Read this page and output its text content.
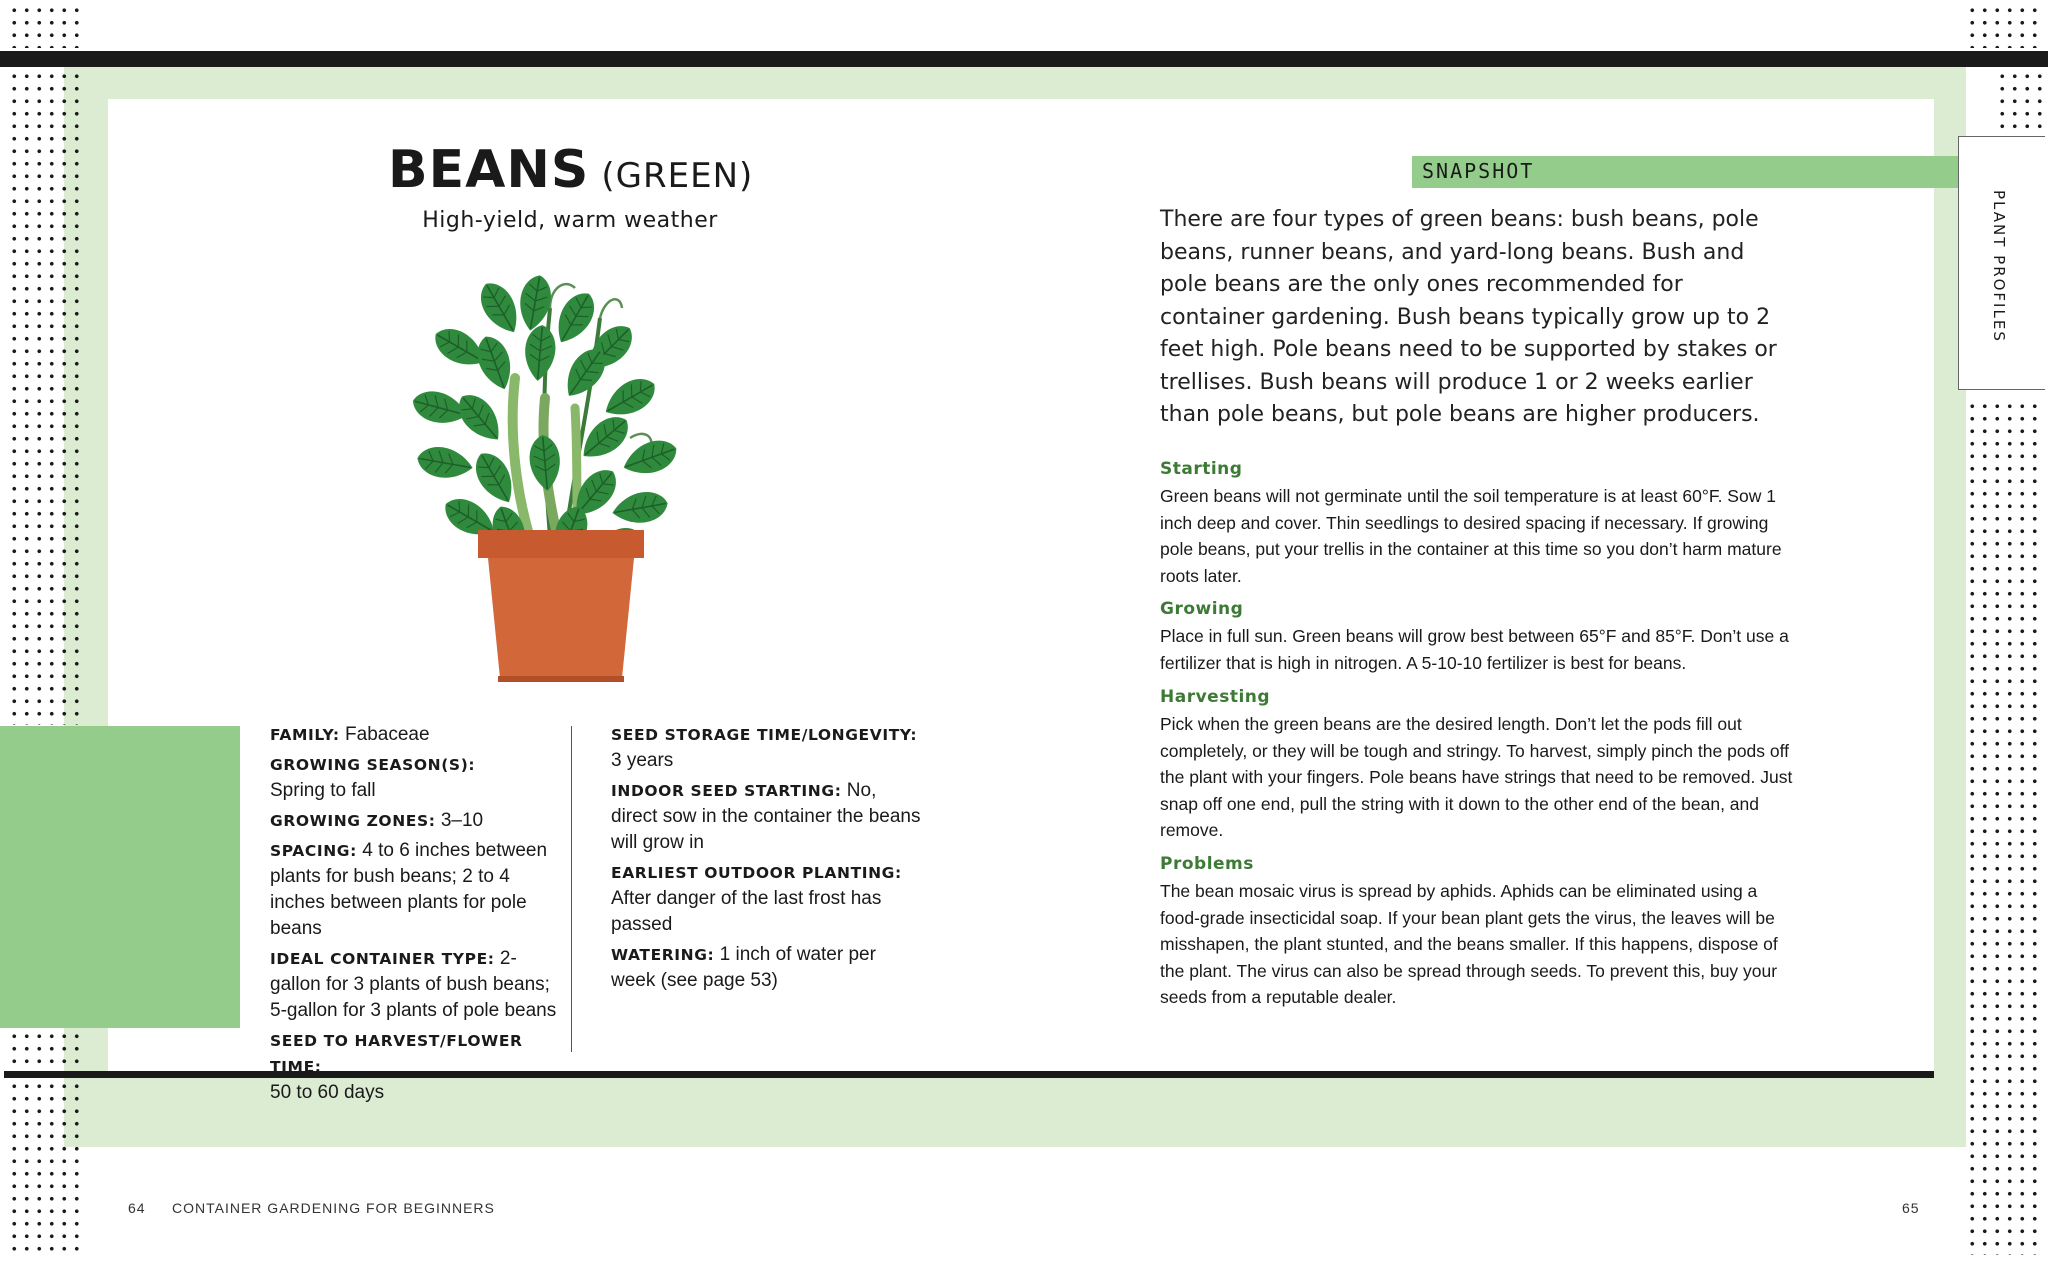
BEANS (GREEN)
High-yield, warm weather
FAMILY: Fabaceae
GROWING SEASON(S):
Spring to fall
GROWING ZONES: 3–10
SPACING: 4 to 6 inches between plants for bush beans; 2 to 4 inches between plants for pole beans
IDEAL CONTAINER TYPE: 2-gallon for 3 plants of bush beans; 5-gallon for 3 plants of pole beans
SEED TO HARVEST/FLOWER TIME:
50 to 60 days
SEED STORAGE TIME/LONGEVITY:
3 years
INDOOR SEED STARTING: No, direct sow in the container the beans will grow in
EARLIEST OUTDOOR PLANTING:
After danger of the last frost has passed
WATERING: 1 inch of water per week (see page 53)
SNAPSHOT
PLANT PROFILES
There are four types of green beans: bush beans, pole beans, runner beans, and yard-long beans. Bush and pole beans are the only ones recommended for container gardening. Bush beans typically grow up to 2 feet high. Pole beans need to be supported by stakes or trellises. Bush beans will produce 1 or 2 weeks earlier than pole beans, but pole beans are higher producers.
Starting
Green beans will not germinate until the soil temperature is at least 60°F. Sow 1 inch deep and cover. Thin seedlings to desired spacing if necessary. If growing pole beans, put your trellis in the container at this time so you don’t harm mature roots later.
Growing
Place in full sun. Green beans will grow best between 65°F and 85°F. Don’t use a fertilizer that is high in nitrogen. A 5-10-10 fertilizer is best for beans.
Harvesting
Pick when the green beans are the desired length. Don’t let the pods fill out completely, or they will be tough and stringy. To harvest, simply pinch the pods off the plant with your fingers. Pole beans have strings that need to be removed. Just snap off one end, pull the string with it down to the other end of the bean, and remove.
Problems
The bean mosaic virus is spread by aphids. Aphids can be eliminated using a food-grade insecticidal soap. If your bean plant gets the virus, the leaves will be misshapen, the plant stunted, and the beans smaller. If this happens, dispose of the plant. The virus can also be spread through seeds. To prevent this, buy your seeds from a reputable dealer.
64 CONTAINER GARDENING FOR BEGINNERS	65
